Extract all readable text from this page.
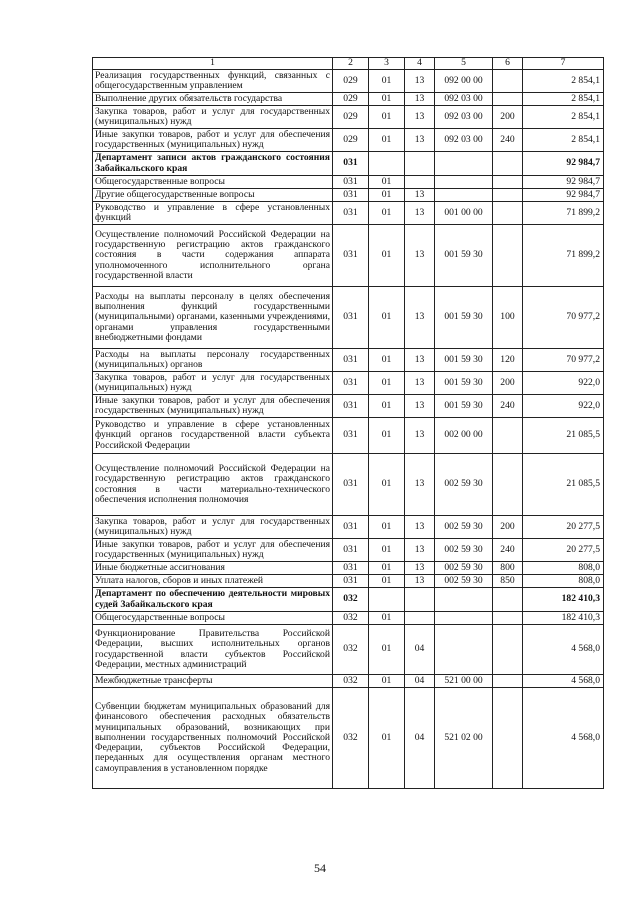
1	2	3	4	5	6	7
Реализация государственных функций, связанных с общегосударственным управлением	029	01	13	092 00 00		2 854,1
Выполнение других обязательств государства	029	01	13	092 03 00		2 854,1
Закупка товаров, работ и услуг для государственных (муниципальных) нужд	029	01	13	092 03 00	200	2 854,1
Иные закупки товаров, работ и услуг для обеспечения государственных (муниципальных) нужд	029	01	13	092 03 00	240	2 854,1
Департамент записи актов гражданского состояния Забайкальского края	031					92 984,7
Общегосударственные вопросы	031	01				92 984,7
Другие общегосударственные вопросы	031	01	13			92 984,7
Руководство и управление в сфере установленных функций	031	01	13	001 00 00		71 899,2
Осуществление полномочий Российской Федерации на государственную регистрацию актов гражданского состояния в части содержания аппарата уполномоченного исполнительного органа государственной власти	031	01	13	001 59 30		71 899,2
Расходы на выплаты персоналу в целях обеспечения выполнения функций государственными (муниципальными) органами, казенными учреждениями, органами управления государственными внебюджетными фондами	031	01	13	001 59 30	100	70 977,2
Расходы на выплаты персоналу государственных (муниципальных) органов	031	01	13	001 59 30	120	70 977,2
Закупка товаров, работ и услуг для государственных (муниципальных) нужд	031	01	13	001 59 30	200	922,0
Иные закупки товаров, работ и услуг для обеспечения государственных (муниципальных) нужд	031	01	13	001 59 30	240	922,0
Руководство и управление в сфере установленных функций органов государственной власти субъекта Российской Федерации	031	01	13	002 00 00		21 085,5
Осуществление полномочий Российской Федерации на государственную регистрацию актов гражданского состояния в части материально-технического обеспечения исполнения полномочия	031	01	13	002 59 30		21 085,5
Закупка товаров, работ и услуг для государственных (муниципальных) нужд	031	01	13	002 59 30	200	20 277,5
Иные закупки товаров, работ и услуг для обеспечения государственных (муниципальных) нужд	031	01	13	002 59 30	240	20 277,5
Иные бюджетные ассигнования	031	01	13	002 59 30	800	808,0
Уплата налогов, сборов и иных платежей	031	01	13	002 59 30	850	808,0
Департамент по обеспечению деятельности мировых судей Забайкальского края	032					182 410,3
Общегосударственные вопросы	032	01				182 410,3
Функционирование Правительства Российской Федерации, высших исполнительных органов государственной власти субъектов Российской Федерации, местных администраций	032	01	04			4 568,0
Межбюджетные трансферты	032	01	04	521 00 00		4 568,0
Субвенции бюджетам муниципальных образований для финансового обеспечения расходных обязательств муниципальных образований, возникающих при выполнении государственных полномочий Российской Федерации, субъектов Российской Федерации, переданных для осуществления органам местного самоуправления в установленном порядке	032	01	04	521 02 00		4 568,0
54
